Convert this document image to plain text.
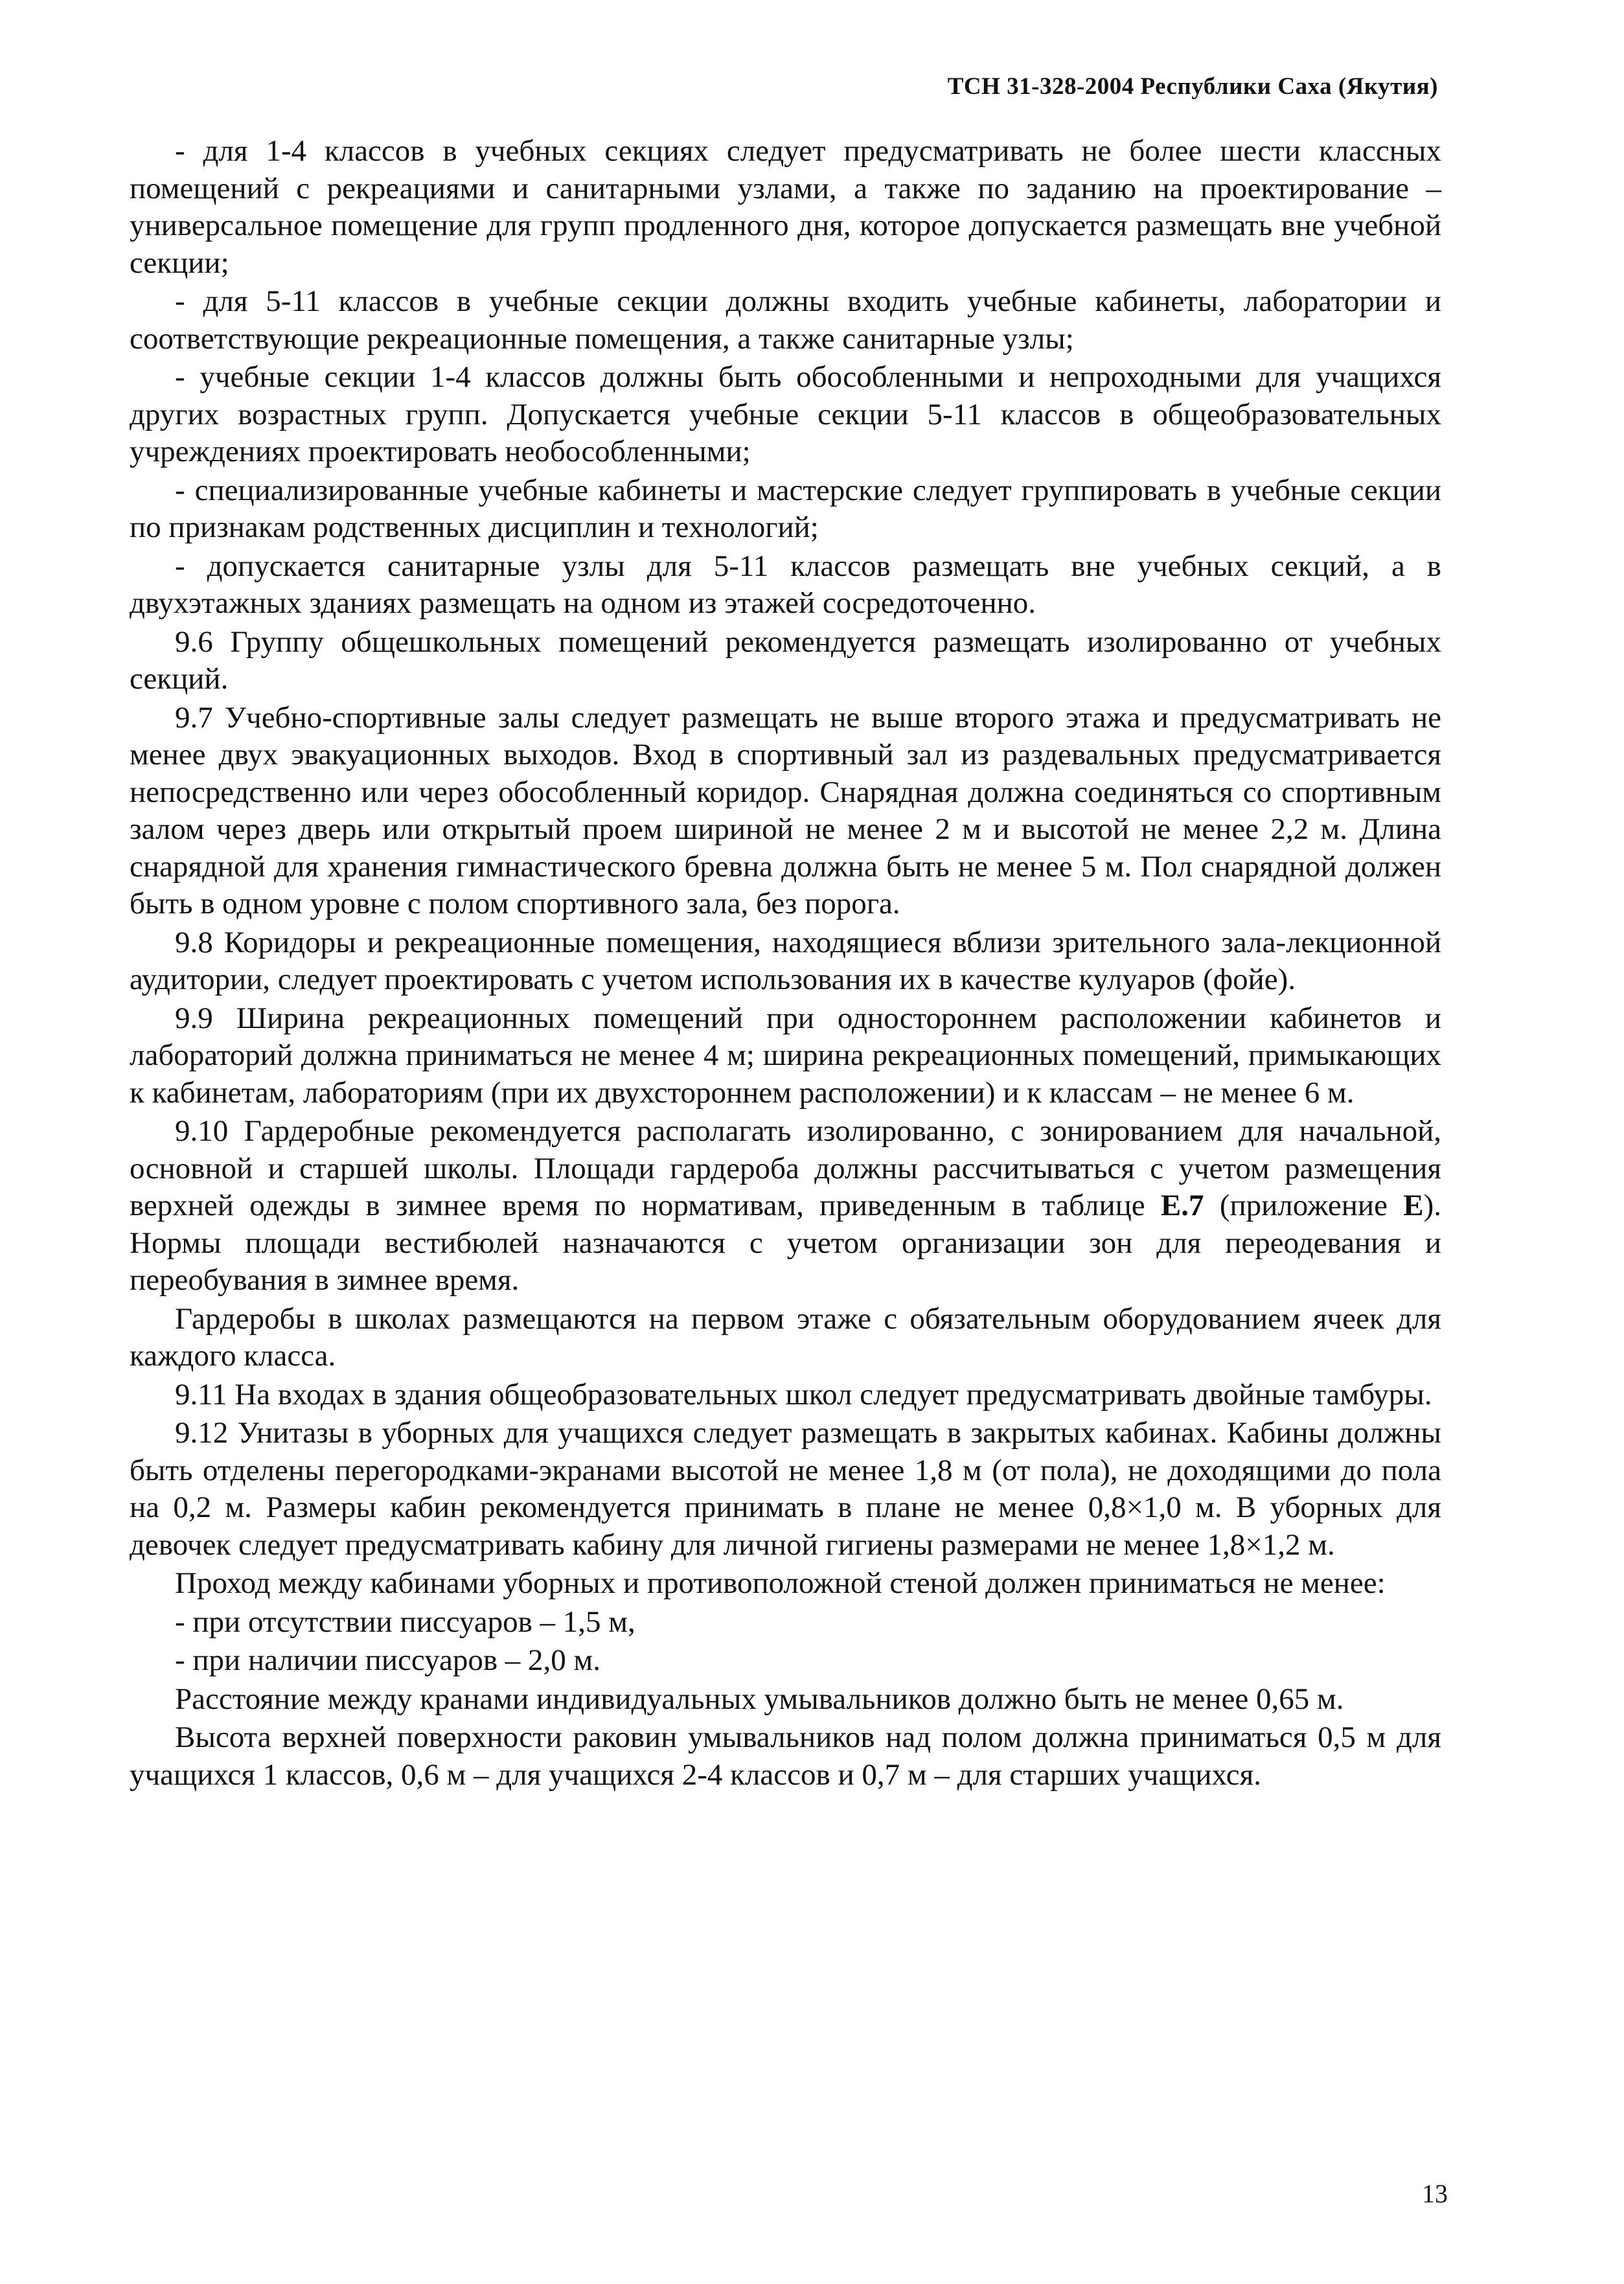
ТСН 31-328-2004 Республики Саха (Якутия)

- для 1-4 классов в учебных секциях следует предусматривать не более шести классных помещений с рекреациями и санитарными узлами, а также по заданию на проектирование – универсальное помещение для групп продленного дня, которое допускается размещать вне учебной секции;

- для 5-11 классов в учебные секции должны входить учебные кабинеты, лаборатории и соответствующие рекреационные помещения, а также санитарные узлы;

- учебные секции 1-4 классов должны быть обособленными и непроходными для учащихся других возрастных групп. Допускается учебные секции 5-11 классов в общеобразовательных учреждениях проектировать необособленными;

- специализированные учебные кабинеты и мастерские следует группировать в учебные секции по признакам родственных дисциплин и технологий;

- допускается санитарные узлы для 5-11 классов размещать вне учебных секций, а в двухэтажных зданиях размещать на одном из этажей сосредоточенно.

9.6 Группу общешкольных помещений рекомендуется размещать изолированно от учебных секций.

9.7 Учебно-спортивные залы следует размещать не выше второго этажа и предусматривать не менее двух эвакуационных выходов. Вход в спортивный зал из раздевальных предусматривается непосредственно или через обособленный коридор. Снарядная должна соединяться со спортивным залом через дверь или открытый проем шириной не менее 2 м и высотой не менее 2,2 м. Длина снарядной для хранения гимнастического бревна должна быть не менее 5 м. Пол снарядной должен быть в одном уровне с полом спортивного зала, без порога.

9.8 Коридоры и рекреационные помещения, находящиеся вблизи зрительного зала-лекционной аудитории, следует проектировать с учетом использования их в качестве кулуаров (фойе).

9.9 Ширина рекреационных помещений при одностороннем расположении кабинетов и лабораторий должна приниматься не менее 4 м; ширина рекреационных помещений, примыкающих к кабинетам, лабораториям (при их двухстороннем расположении) и к классам – не менее 6 м.

9.10 Гардеробные рекомендуется располагать изолированно, с зонированием для начальной, основной и старшей школы. Площади гардероба должны рассчитываться с учетом размещения верхней одежды в зимнее время по нормативам, приведенным в таблице Е.7 (приложение Е). Нормы площади вестибюлей назначаются с учетом организации зон для переодевания и переобувания в зимнее время.

Гардеробы в школах размещаются на первом этаже с обязательным оборудованием ячеек для каждого класса.

9.11 На входах в здания общеобразовательных школ следует предусматривать двойные тамбуры.

9.12 Унитазы в уборных для учащихся следует размещать в закрытых кабинах. Кабины должны быть отделены перегородками-экранами высотой не менее 1,8 м (от пола), не доходящими до пола на 0,2 м. Размеры кабин рекомендуется принимать в плане не менее 0,8×1,0 м. В уборных для девочек следует предусматривать кабину для личной гигиены размерами не менее 1,8×1,2 м.

Проход между кабинами уборных и противоположной стеной должен приниматься не менее:

- при отсутствии писсуаров – 1,5 м,

- при наличии писсуаров – 2,0 м.

Расстояние между кранами индивидуальных умывальников должно быть не менее 0,65 м.

Высота верхней поверхности раковин умывальников над полом должна приниматься 0,5 м для учащихся 1 классов, 0,6 м – для учащихся 2-4 классов и 0,7 м – для старших учащихся.

13
